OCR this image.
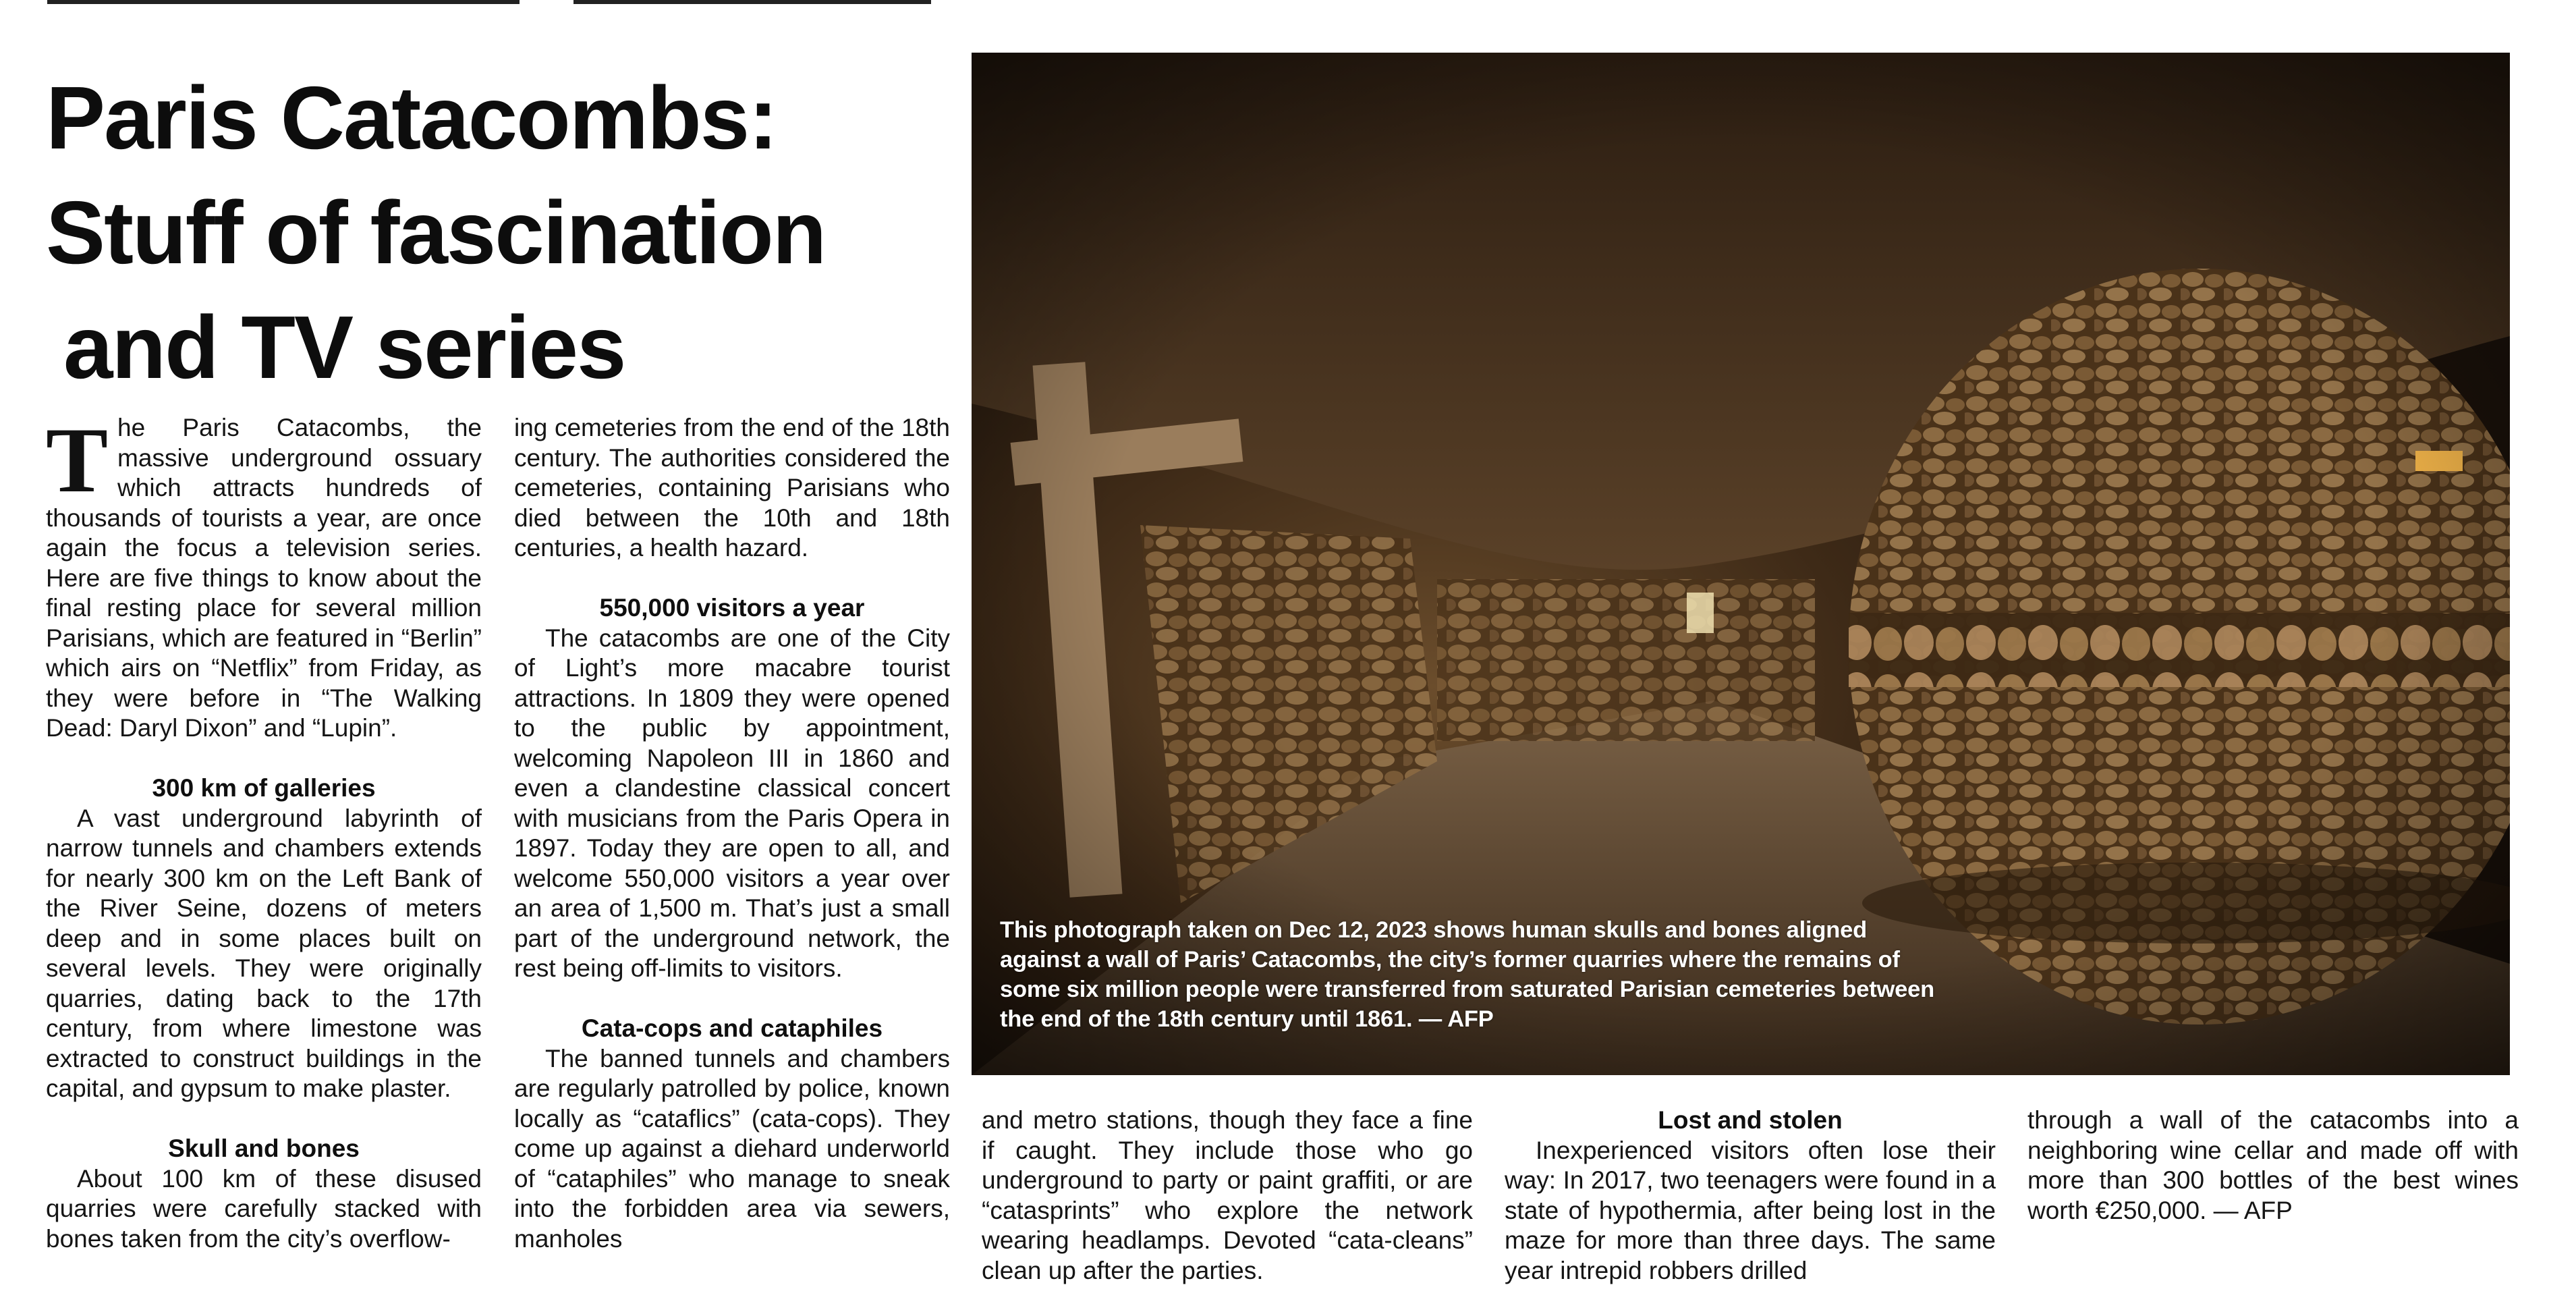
Paris Catacombs:
Stuff of fascination
and TV series
T he Paris Catacombs, the massive underground ossuary which attracts hundreds of thousands of tourists a year, are once again the focus a television series. Here are five things to know about the final resting place for several million Parisians, which are featured in “Berlin” which airs on “Netflix” from Friday, as they were before in “The Walking Dead: Daryl Dixon” and “Lupin”.

300 km of galleries

A vast underground labyrinth of narrow tunnels and chambers extends for nearly 300 km on the Left Bank of the River Seine, dozens of meters deep and in some places built on several levels. They were originally quarries, dating back to the 17th century, from where limestone was extracted to construct buildings in the capital, and gypsum to make plaster.

Skull and bones

About 100 km of these disused quarries were carefully stacked with bones taken from the city’s overflow-

ing cemeteries from the end of the 18th century. The authorities considered the cemeteries, containing Parisians who died between the 10th and 18th centuries, a health hazard.

550,000 visitors a year

The catacombs are one of the City of Light’s more macabre tourist attractions. In 1809 they were opened to the public by appointment, welcoming Napoleon III in 1860 and even a clandestine classical concert with musicians from the Paris Opera in 1897. Today they are open to all, and welcome 550,000 visitors a year over an area of 1,500 m. That’s just a small part of the underground network, the rest being off-limits to visitors.

Cata-cops and cataphiles

The banned tunnels and chambers are regularly patrolled by police, known locally as “cataflics” (cata-cops). They come up against a diehard underworld of “cataphiles” who manage to sneak into the forbidden area via sewers, manholes

This photograph taken on Dec 12, 2023 shows human skulls and bones aligned against a wall of Paris’ Catacombs, the city’s former quarries where the remains of some six million people were transferred from saturated Parisian cemeteries between the end of the 18th century until 1861. — AFP

and metro stations, though they face a fine if caught. They include those who go underground to party or paint graffiti, or are “catasprints” who explore the network wearing headlamps. Devoted “cata-cleans” clean up after the parties.

Lost and stolen

Inexperienced visitors often lose their way: In 2017, two teenagers were found in a state of hypothermia, after being lost in the maze for more than three days. The same year intrepid robbers drilled

through a wall of the catacombs into a neighboring wine cellar and made off with more than 300 bottles of the best wines worth €250,000. — AFP
